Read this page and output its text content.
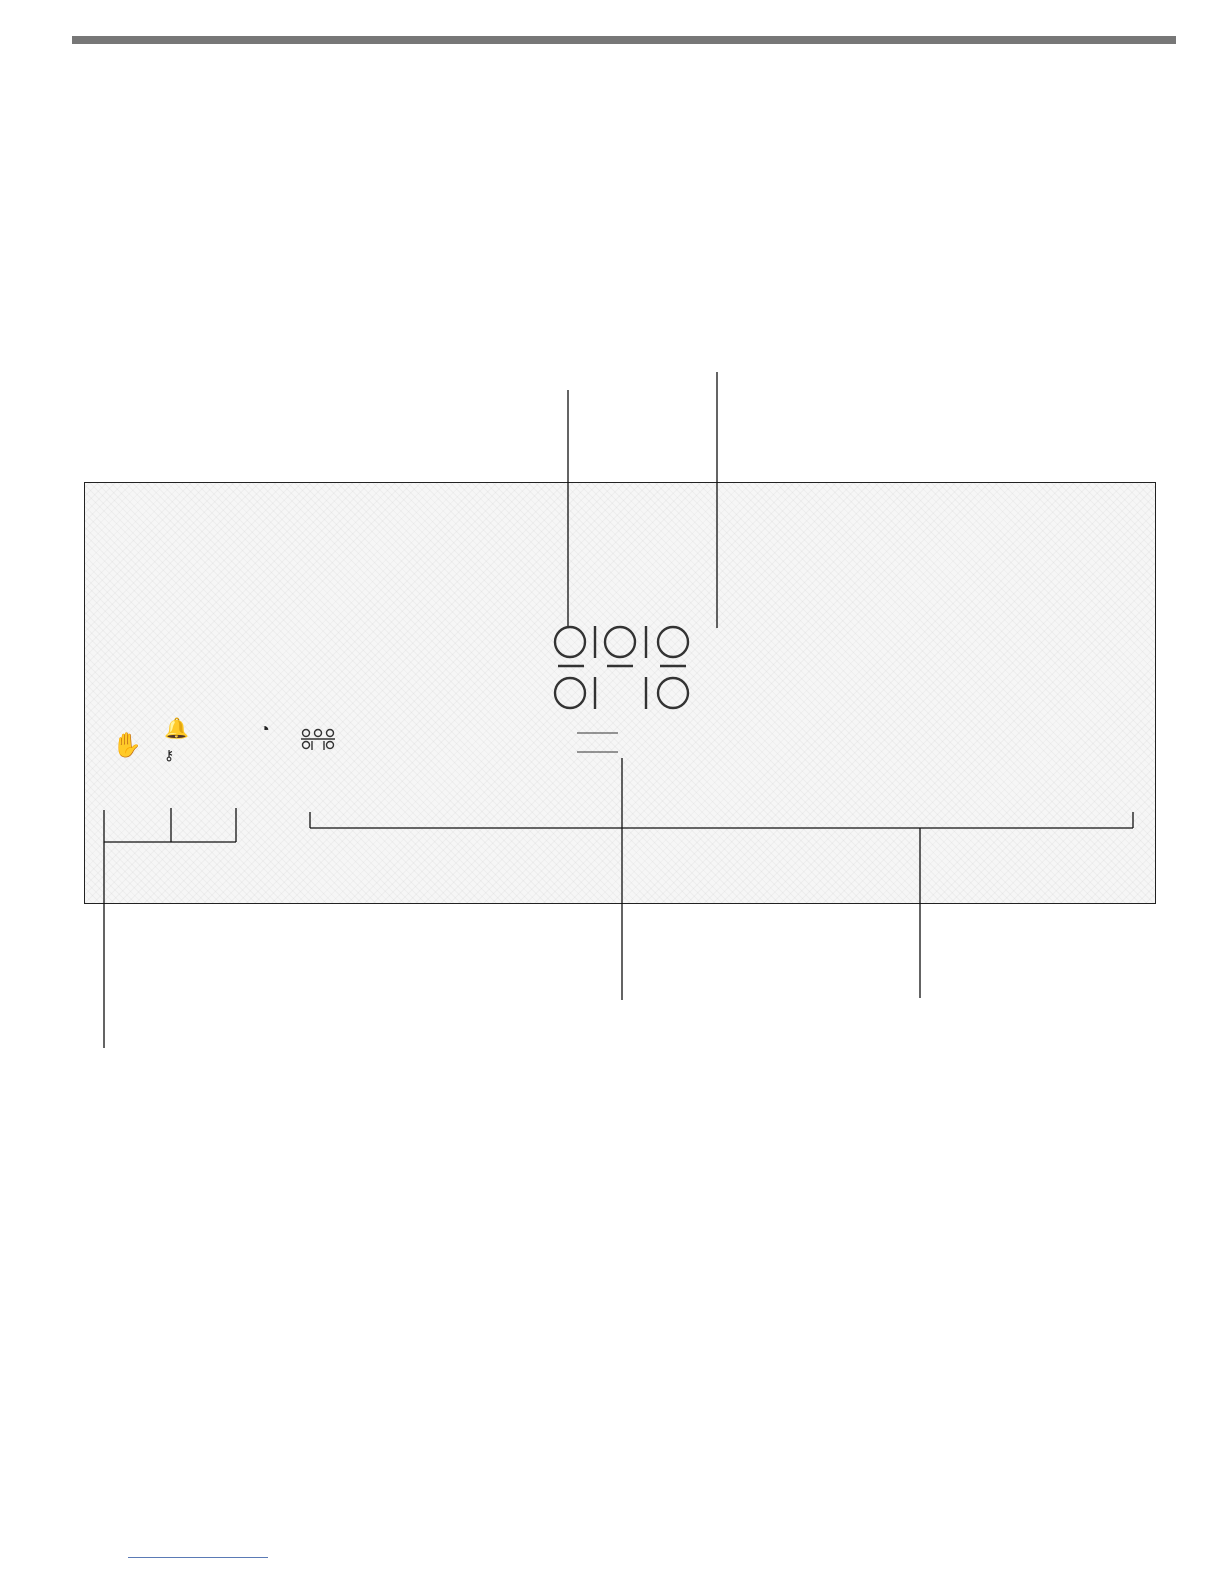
✋
🔔
⚷
◔
